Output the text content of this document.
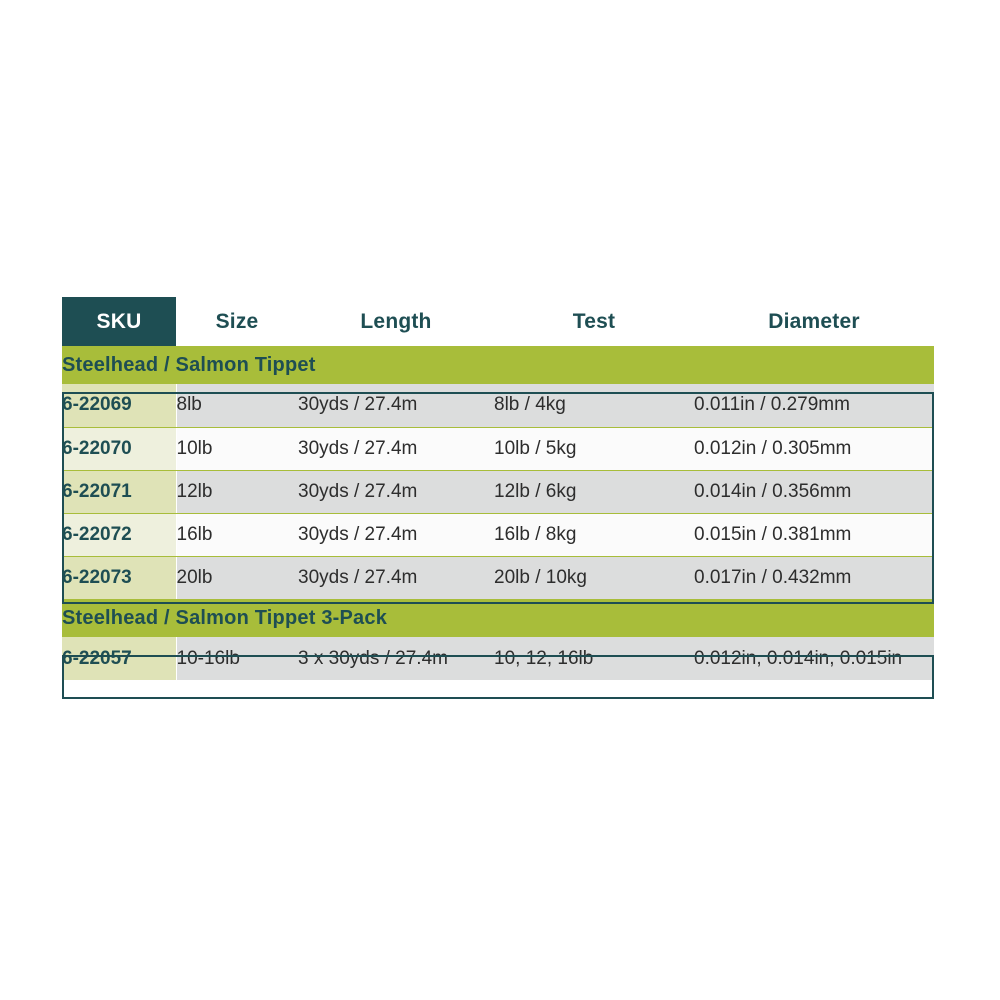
SKU	Size	Length	Test	Diameter
Steelhead / Salmon Tippet				
6-22069	8lb	30yds / 27.4m	8lb / 4kg	0.011in / 0.279mm
6-22070	10lb	30yds / 27.4m	10lb / 5kg	0.012in / 0.305mm
6-22071	12lb	30yds / 27.4m	12lb / 6kg	0.014in / 0.356mm
6-22072	16lb	30yds / 27.4m	16lb / 8kg	0.015in / 0.381mm
6-22073	20lb	30yds / 27.4m	20lb / 10kg	0.017in / 0.432mm
Steelhead / Salmon Tippet 3-Pack				
6-22057	10-16lb	3 x 30yds / 27.4m	10, 12, 16lb	0.012in, 0.014in, 0.015in
